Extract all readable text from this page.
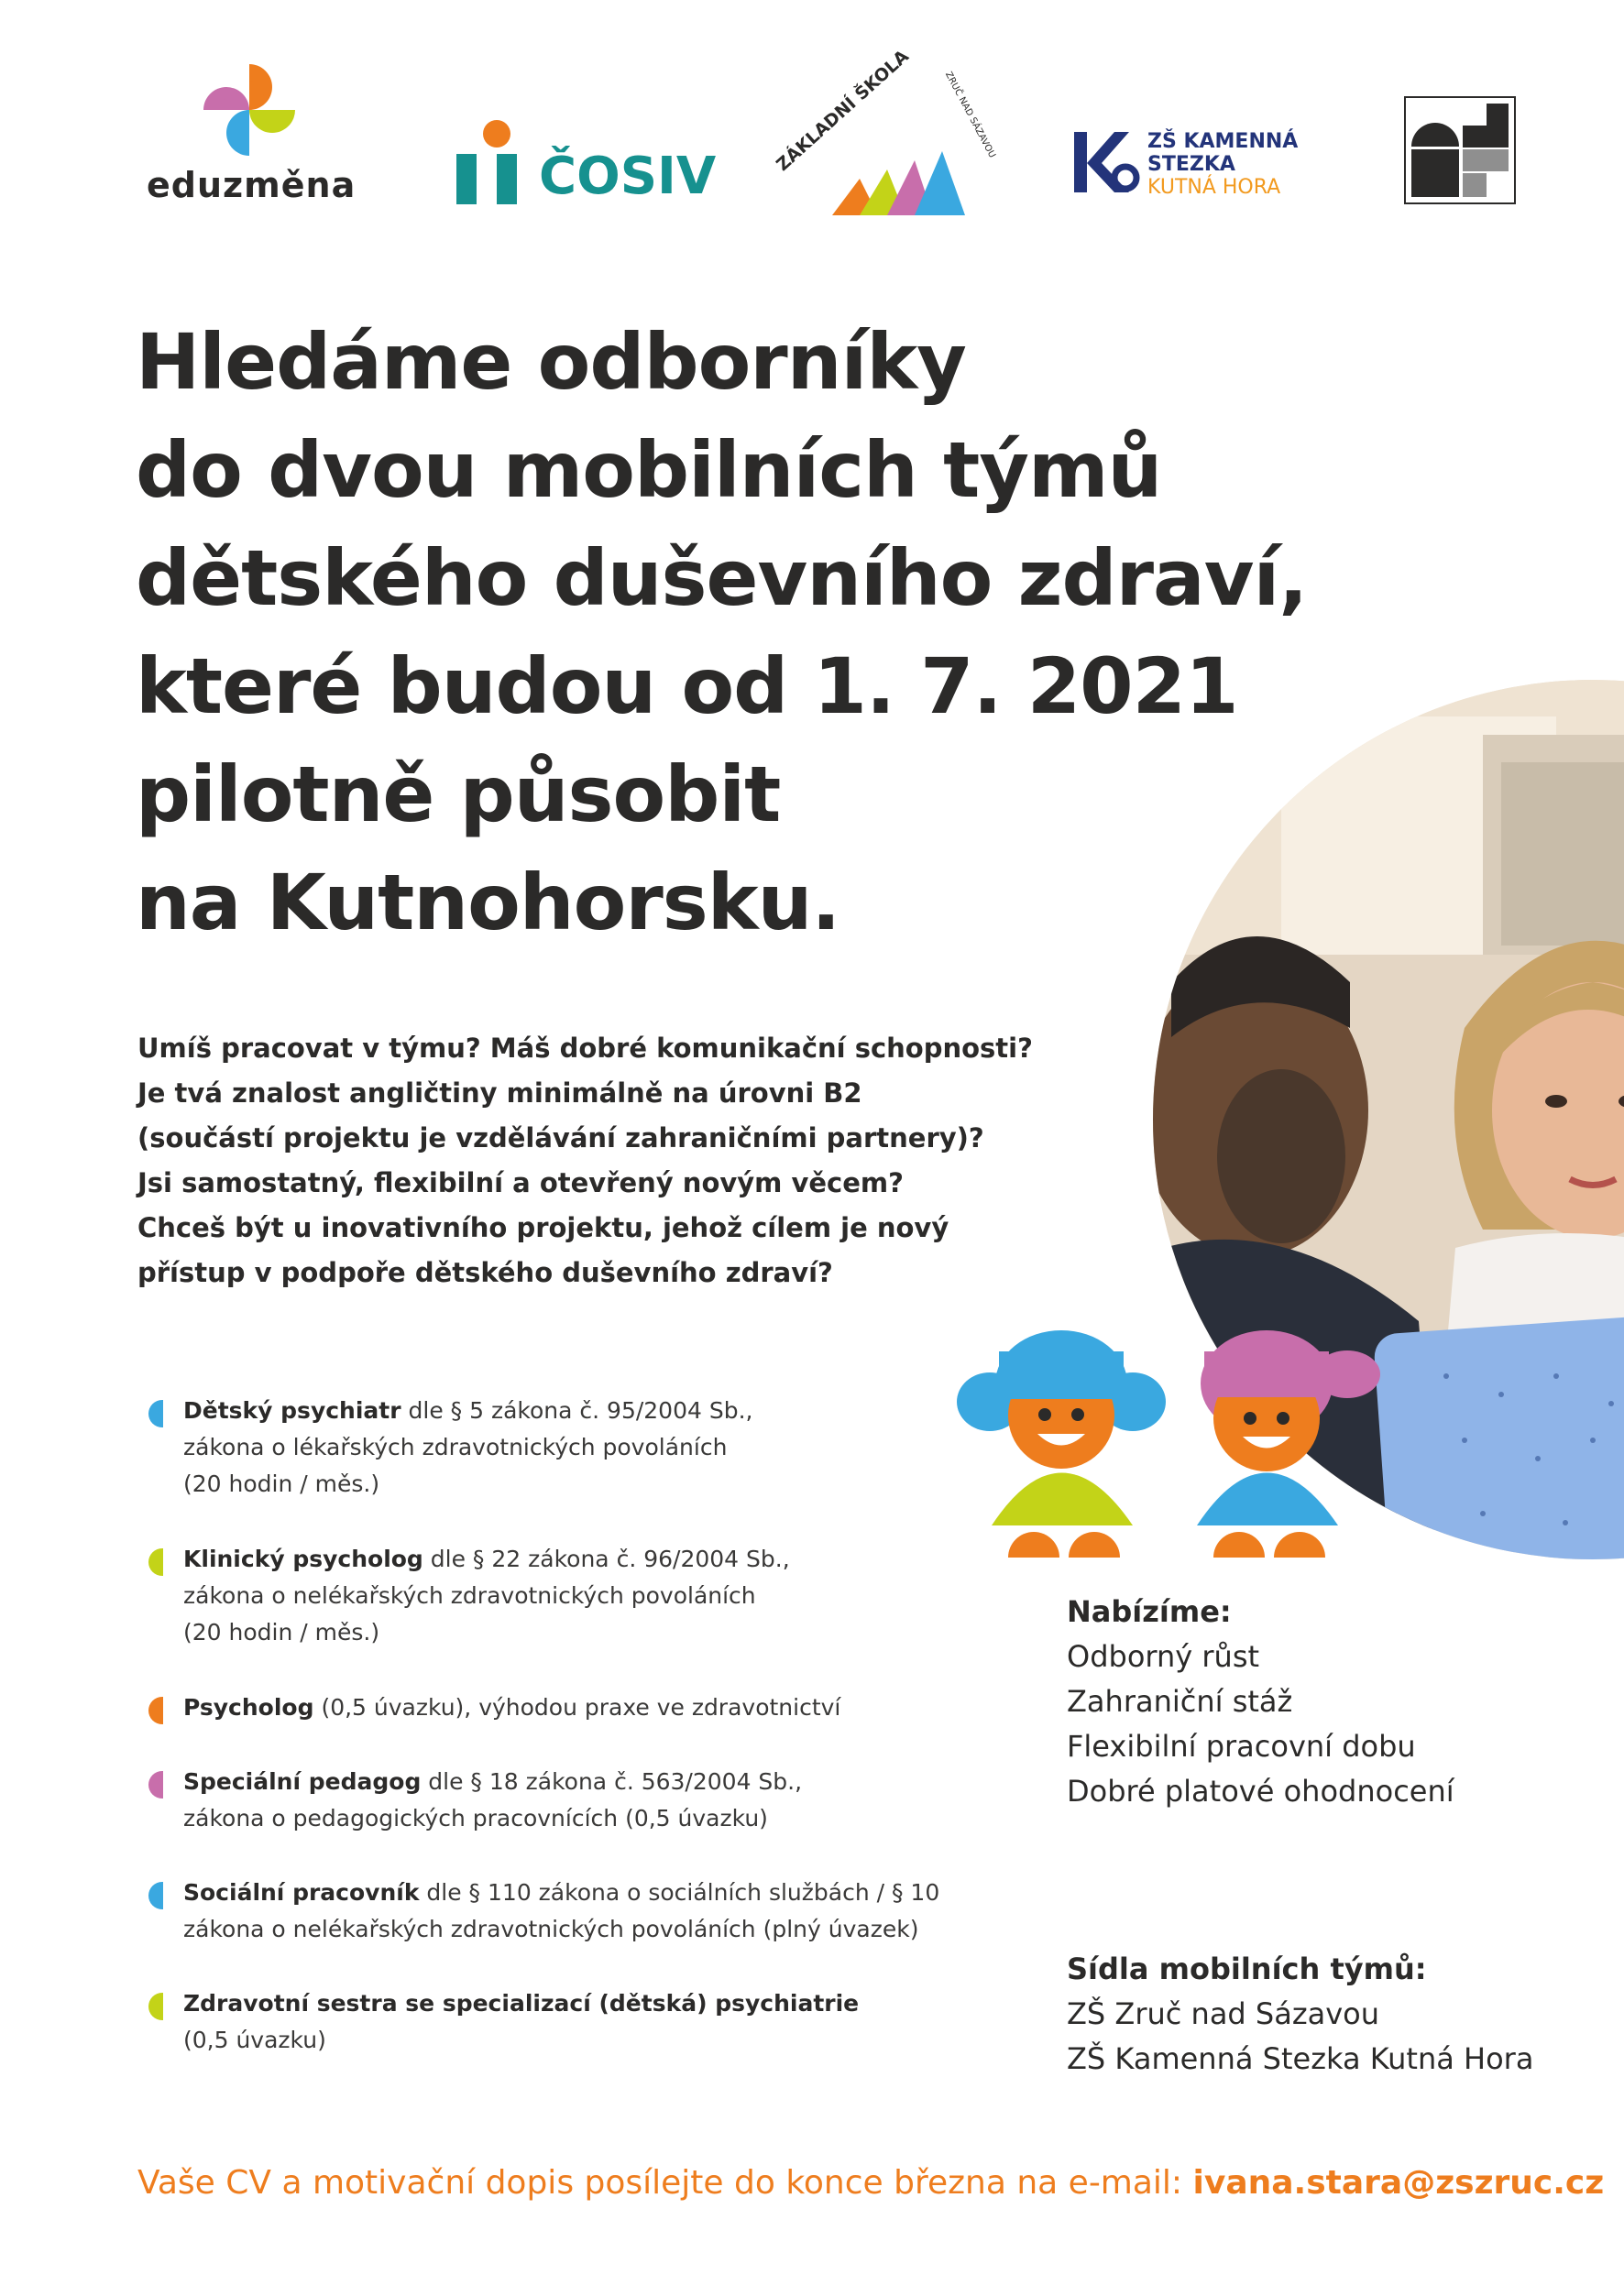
eduzměna	ČOSIV
ZÁKLADNÍ ŠKOLA	ZRUČ NAD SÁZAVOU	ZŠ KAMENNÁ
STEZKA
KUTNÁ HORA
Hledáme odborníky
do dvou mobilních týmů
dětského duševního zdraví,
které budou od 1. 7. 2021
pilotně působit
na Kutnohorsku.
Umíš pracovat v týmu? Máš dobré komunikační schopnosti?
Je tvá znalost angličtiny minimálně na úrovni B2
(součástí projektu je vzdělávání zahraničními partnery)?
Jsi samostatný, flexibilní a otevřený novým věcem?
Chceš být u inovativního projektu, jehož cílem je nový
přístup v podpoře dětského duševního zdraví?
Dětský psychiatr dle § 5 zákona č. 95/2004 Sb.,
zákona o lékařských zdravotnických povoláních
(20 hodin / měs.)
Klinický psycholog dle § 22 zákona č. 96/2004 Sb.,
zákona o nelékařských zdravotnických povoláních
(20 hodin / měs.)
Psycholog (0,5 úvazku), výhodou praxe ve zdravotnictví
Speciální pedagog dle § 18 zákona č. 563/2004 Sb.,
zákona o pedagogických pracovnících (0,5 úvazku)
Sociální pracovník dle § 110 zákona o sociálních službách / § 10
zákona o nelékařských zdravotnických povoláních (plný úvazek)
Zdravotní sestra se specializací (dětská) psychiatrie
(0,5 úvazku)
Nabízíme:
Odborný růst
Zahraniční stáž
Flexibilní pracovní dobu
Dobré platové ohodnocení
Sídla mobilních týmů:
ZŠ Zruč nad Sázavou
ZŠ Kamenná Stezka Kutná Hora
Vaše CV a motivační dopis posílejte do konce března na e-mail: ivana.stara@zszruc.cz
